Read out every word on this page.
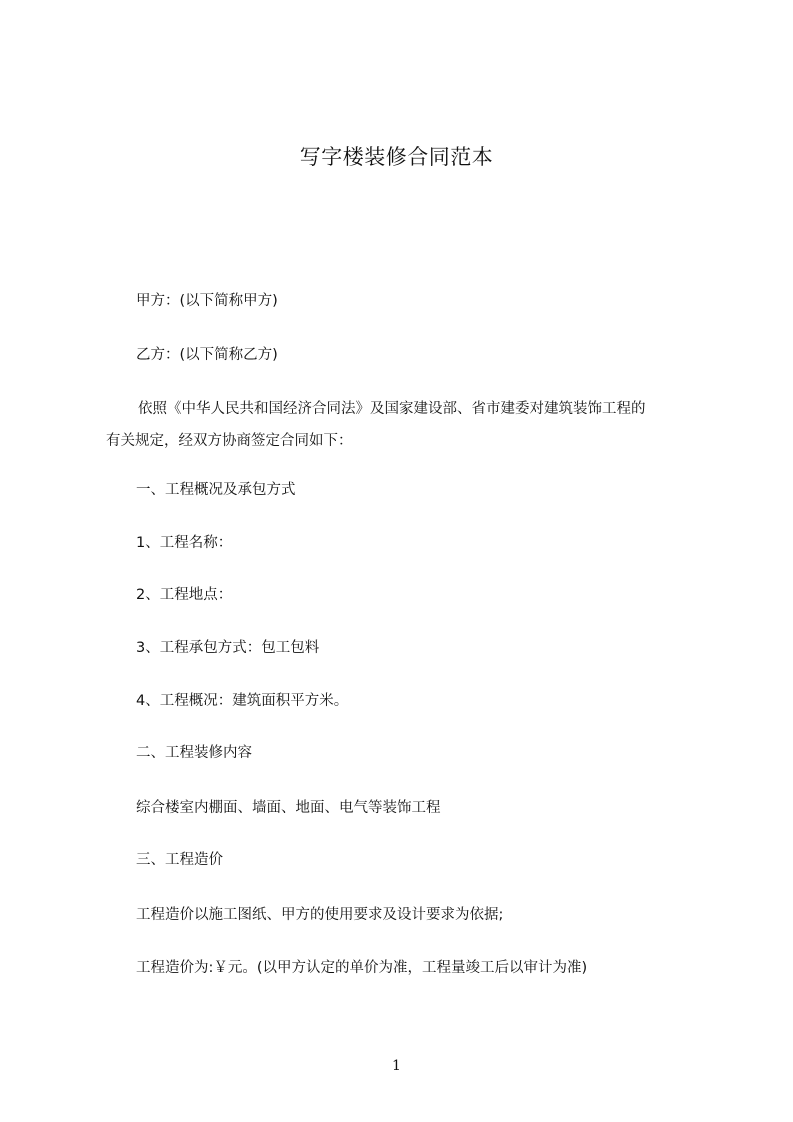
写字楼装修合同范本
甲方：(以下简称甲方)
乙方：(以下简称乙方)
依照《中华人民共和国经济合同法》及国家建设部、省市建委对建筑装饰工程的
有关规定，经双方协商签定合同如下：
一、工程概况及承包方式
1、工程名称：
2、工程地点：
3、工程承包方式：包工包料
4、工程概况：建筑面积平方米。
二、工程装修内容
综合楼室内棚面、墙面、地面、电气等装饰工程
三、工程造价
工程造价以施工图纸、甲方的使用要求及设计要求为依据;
工程造价为:￥元。(以甲方认定的单价为准，工程量竣工后以审计为准)
1
